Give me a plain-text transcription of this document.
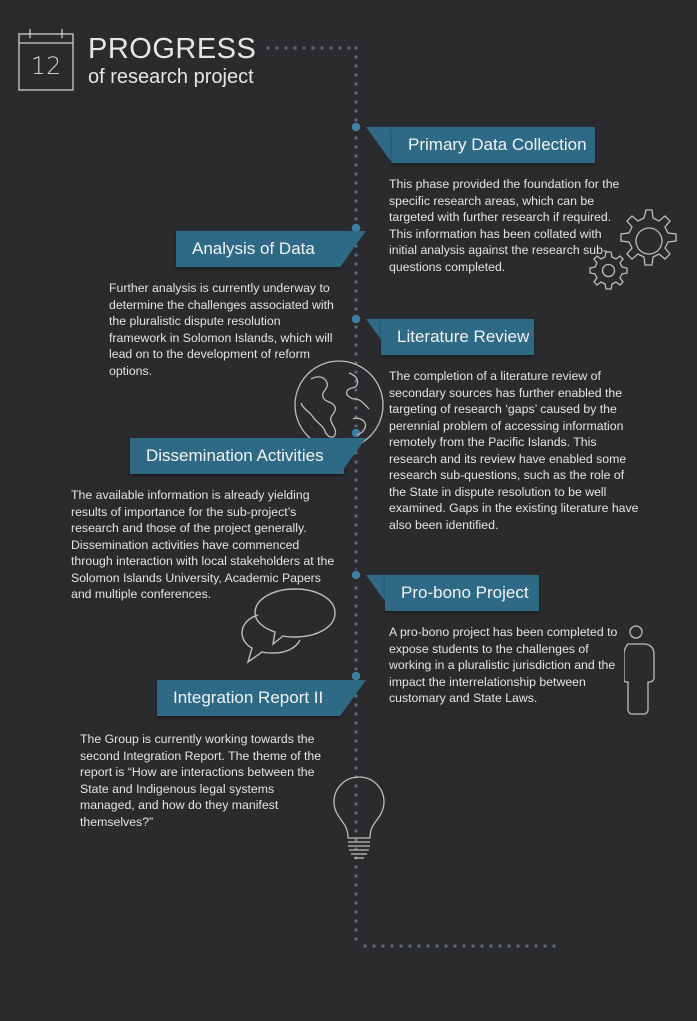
12
PROGRESS
of research project
Primary Data Collection
This phase provided the foundation for the specific research areas, which can be targeted with further research if required. This information has been collated with initial analysis against the research sub-questions completed.
Analysis of Data
Further analysis is currently underway to determine the challenges associated with the pluralistic dispute resolution framework in Solomon Islands, which will lead on to the development of reform options.
Literature Review
The completion of a literature review of secondary sources has further enabled the targeting of research ‘gaps’ caused by the perennial problem of accessing information remotely from the Pacific Islands. This research and its review have enabled some research sub-questions, such as the role of the State in dispute resolution to be well examined. Gaps in the existing literature have also been identified.
Dissemination Activities
The available information is already yielding results of importance for the sub-project’s research and those of the project generally. Dissemination activities have commenced through interaction with local stakeholders at the Solomon Islands University, Academic Papers and multiple conferences.	Pro-bono Project
A pro-bono project has been completed to expose students to the challenges of working in a pluralistic jurisdiction and the impact the interrelationship between customary and State Laws.
Integration Report II
The Group is currently working towards the second Integration Report. The theme of the report is “How are interactions between the State and Indigenous legal systems managed, and how do they manifest themselves?”
